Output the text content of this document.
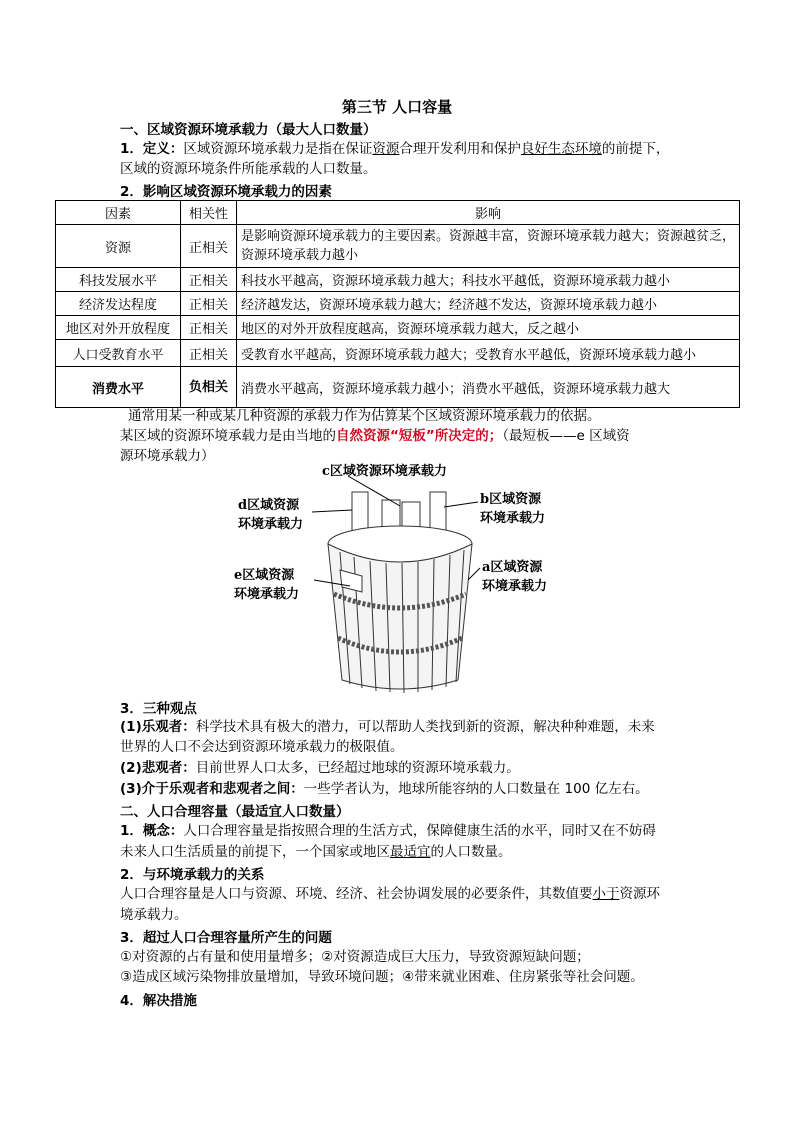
第三节 人口容量
一、区域资源环境承载力（最大人口数量）
1．定义：区域资源环境承载力是指在保证资源合理开发利用和保护良好生态环境的前提下，
区域的资源环境条件所能承载的人口数量。
2．影响区域资源环境承载力的因素
因素	相关性	影响
资源	正相关	是影响资源环境承载力的主要因素。资源越丰富，资源环境承载力越大；资源越贫乏，资源环境承载力越小
科技发展水平	正相关	科技水平越高，资源环境承载力越大；科技水平越低，资源环境承载力越小
经济发达程度	正相关	经济越发达，资源环境承载力越大；经济越不发达，资源环境承载力越小
地区对外开放程度	正相关	地区的对外开放程度越高，资源环境承载力越大，反之越小
人口受教育水平	正相关	受教育水平越高，资源环境承载力越大；受教育水平越低，资源环境承载力越小
消费水平	负相关	消费水平越高，资源环境承载力越小；消费水平越低，资源环境承载力越大
通常用某一种或某几种资源的承载力作为估算某个区域资源环境承载力的依据。
某区域的资源环境承载力是由当地的自然资源“短板”所决定的；（最短板——e 区域资
源环境承载力）
c区域资源环境承载力
d区域资源
环境承载力
b区域资源
环境承载力
e区域资源
环境承载力
a区域资源
环境承载力
3．三种观点
(1)乐观者：科学技术具有极大的潜力，可以帮助人类找到新的资源，解决种种难题，未来
世界的人口不会达到资源环境承载力的极限值。
(2)悲观者：目前世界人口太多，已经超过地球的资源环境承载力。
(3)介于乐观者和悲观者之间：一些学者认为，地球所能容纳的人口数量在 100 亿左右。
二、人口合理容量（最适宜人口数量）
1．概念：人口合理容量是指按照合理的生活方式，保障健康生活的水平，同时又在不妨碍
未来人口生活质量的前提下，一个国家或地区最适宜的人口数量。
2．与环境承载力的关系
人口合理容量是人口与资源、环境、经济、社会协调发展的必要条件，其数值要小于资源环
境承载力。
3．超过人口合理容量所产生的问题
①对资源的占有量和使用量增多；②对资源造成巨大压力，导致资源短缺问题；
③造成区域污染物排放量增加，导致环境问题；④带来就业困难、住房紧张等社会问题。
4．解决措施
